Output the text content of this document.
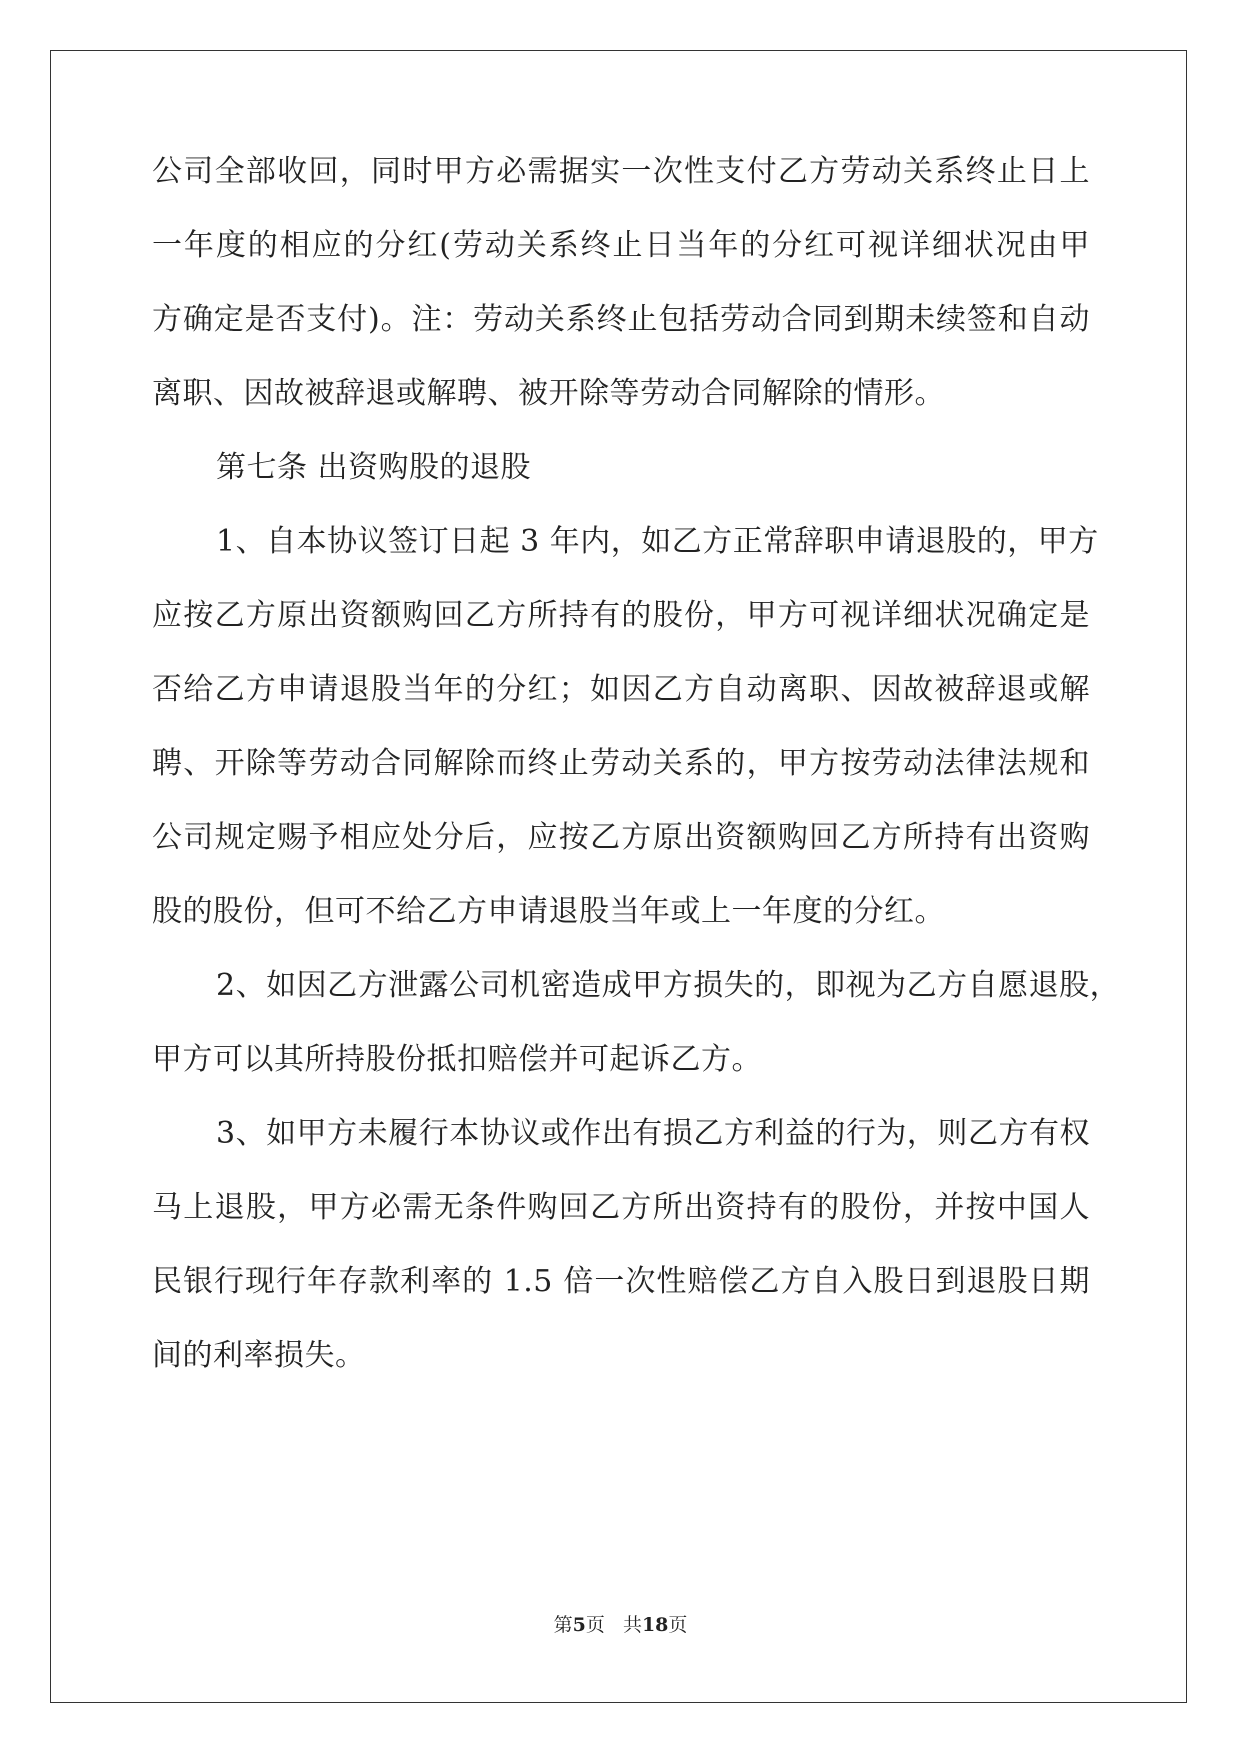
公司全部收回，同时甲方必需据实一次性支付乙方劳动关系终止日上
一年度的相应的分红(劳动关系终止日当年的分红可视详细状况由甲
方确定是否支付)。注：劳动关系终止包括劳动合同到期未续签和自动
离职、因故被辞退或解聘、被开除等劳动合同解除的情形。
第七条 出资购股的退股
1、自本协议签订日起 3 年内，如乙方正常辞职申请退股的，甲方
应按乙方原出资额购回乙方所持有的股份，甲方可视详细状况确定是
否给乙方申请退股当年的分红；如因乙方自动离职、因故被辞退或解
聘、开除等劳动合同解除而终止劳动关系的，甲方按劳动法律法规和
公司规定赐予相应处分后，应按乙方原出资额购回乙方所持有出资购
股的股份，但可不给乙方申请退股当年或上一年度的分红。
2、如因乙方泄露公司机密造成甲方损失的，即视为乙方自愿退股，
甲方可以其所持股份抵扣赔偿并可起诉乙方。
3、如甲方未履行本协议或作出有损乙方利益的行为，则乙方有权
马上退股，甲方必需无条件购回乙方所出资持有的股份，并按中国人
民银行现行年存款利率的 1.5 倍一次性赔偿乙方自入股日到退股日期
间的利率损失。
第5页   共18页
